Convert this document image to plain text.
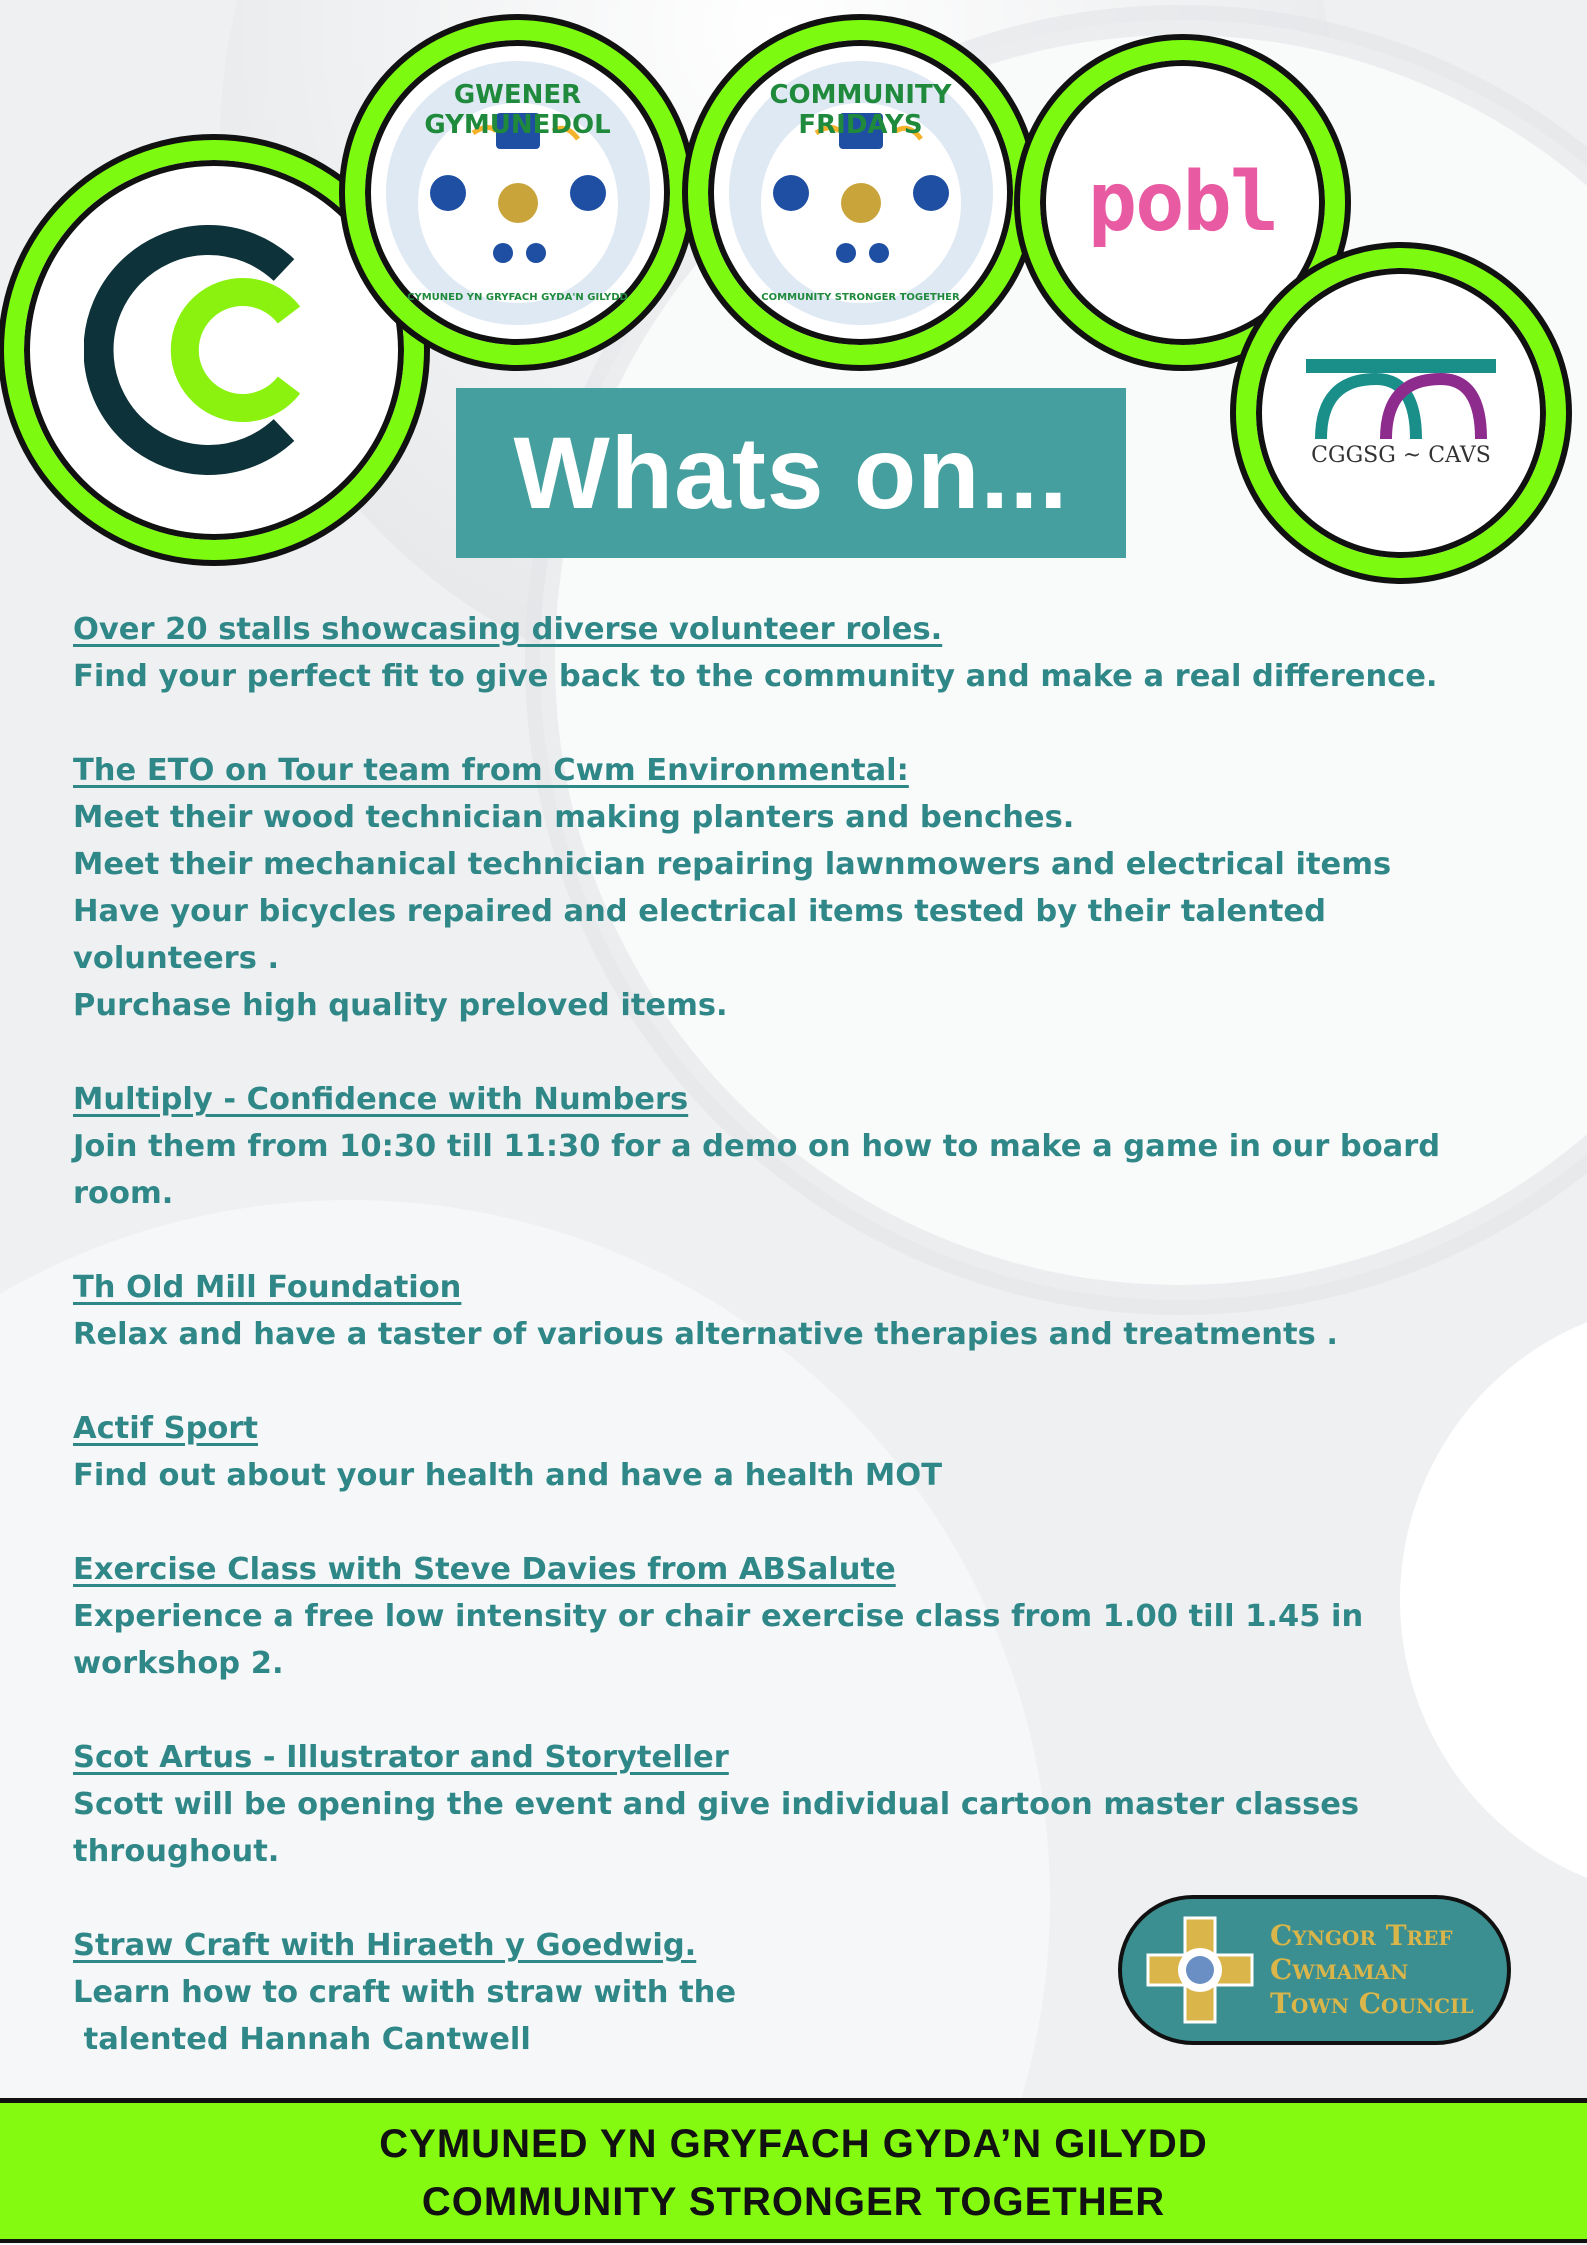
GWENER GYMUNEDOL
CYMUNED YN GRYFACH GYDA'N GILYDD
COMMUNITY FRIDAYS
COMMUNITY STRONGER TOGETHER
pobl
CGGSG ~ CAVS
Whats on...

Over 20 stalls showcasing diverse volunteer roles.

Find your perfect fit to give back to the community and make a real difference.

The ETO on Tour team from Cwm Environmental:

Meet their wood technician making planters and benches.

Meet their mechanical technician repairing lawnmowers and electrical items

Have your bicycles repaired and electrical items tested by their talented

volunteers .

Purchase high quality preloved items.

Multiply - Confidence with Numbers

Join them from 10:30 till 11:30 for a demo on how to make a game in our board

room.

Th Old Mill Foundation

Relax and have a taster of various alternative therapies and treatments .

Actif Sport

Find out about your health and have a health MOT

Exercise Class with Steve Davies from ABSalute

Experience a free low intensity or chair exercise class from 1.00 till 1.45 in

workshop 2.

Scot Artus - Illustrator and Storyteller

Scott will be opening the event and give individual cartoon master classes

throughout.

Straw Craft with Hiraeth y Goedwig.

Learn how to craft with straw with the

talented Hannah Cantwell

Cyngor Tref
Cwmaman
Town Council
CYMUNED YN GRYFACH GYDA’N GILYDD
COMMUNITY STRONGER TOGETHER
